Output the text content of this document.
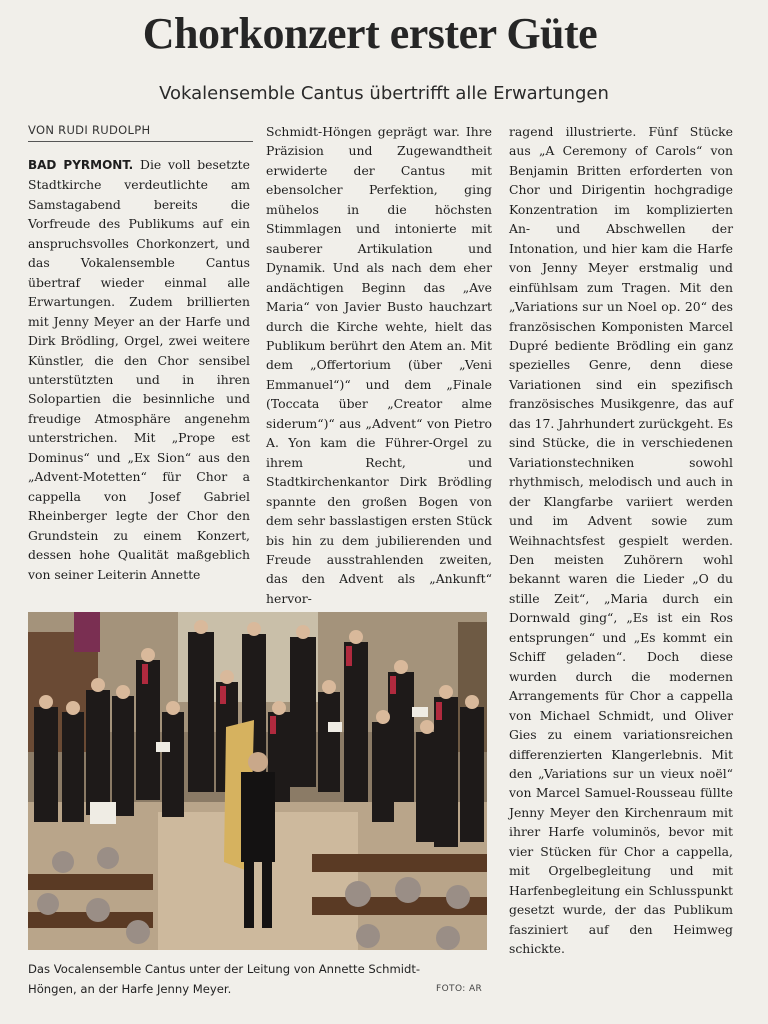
Chorkonzert erster Güte
Vokalensemble Cantus übertrifft alle Erwartungen
VON RUDI RUDOLPH

BAD PYRMONT. Die voll besetzte Stadtkirche verdeutlichte am Samstagabend bereits die Vorfreude des Publikums auf ein anspruchsvolles Chorkonzert, und das Vokalensemble Cantus übertraf wieder einmal alle Erwartungen. Zudem brillierten mit Jenny Meyer an der Harfe und Dirk Brödling, Orgel, zwei weitere Künstler, die den Chor sensibel unterstützten und in ihren Solopartien die besinnliche und freudige Atmosphäre angenehm unterstrichen. Mit „Prope est Dominus“ und „Ex Sion“ aus den „Advent-Motetten“ für Chor a cappella von Josef Gabriel Rheinberger legte der Chor den Grundstein zu einem Konzert, dessen hohe Qualität maßgeblich von seiner Leiterin Annette

Schmidt-Höngen geprägt war. Ihre Präzision und Zugewandtheit erwiderte der Cantus mit ebensolcher Perfektion, ging mühelos in die höchsten Stimmlagen und intonierte mit sauberer Artikulation und Dynamik. Und als nach dem eher andächtigen Beginn das „Ave Maria“ von Javier Busto hauchzart durch die Kirche wehte, hielt das Publikum berührt den Atem an. Mit dem „Offertorium (über „Veni Emmanuel“)“ und dem „Finale (Toccata über „Creator alme siderum“)“ aus „Advent“ von Pietro A. Yon kam die Führer-Orgel zu ihrem Recht, und Stadtkirchenkantor Dirk Brödling spannte den großen Bogen von dem sehr basslastigen ersten Stück bis hin zu dem jubilierenden und Freude ausstrahlenden zweiten, das den Advent als „Ankunft“ hervor-

ragend illustrierte. Fünf Stücke aus „A Ceremony of Carols“ von Benjamin Britten erforderten von Chor und Dirigentin hochgradige Konzentration im komplizierten An- und Abschwellen der Intonation, und hier kam die Harfe von Jenny Meyer erstmalig und einfühlsam zum Tragen. Mit den „Variations sur un Noel op. 20“ des französischen Komponisten Marcel Dupré bediente Brödling ein ganz spezielles Genre, denn diese Variationen sind ein spezifisch französisches Musikgenre, das auf das 17. Jahrhundert zurückgeht. Es sind Stücke, die in verschiedenen Variationstechniken sowohl rhythmisch, melodisch und auch in der Klangfarbe variiert werden und im Advent sowie zum Weihnachtsfest gespielt werden. Den meisten Zuhörern wohl bekannt waren die Lieder „O du stille Zeit“, „Maria durch ein Dornwald ging“, „Es ist ein Ros entsprungen“ und „Es kommt ein Schiff geladen“. Doch diese wurden durch die modernen Arrangements für Chor a cappella von Michael Schmidt, und Oliver Gies zu einem variationsreichen differenzierten Klangerlebnis. Mit den „Variations sur un vieux noël“ von Marcel Samuel-Rousseau füllte Jenny Meyer den Kirchenraum mit ihrer Harfe voluminös, bevor mit vier Stücken für Chor a cappella, mit Orgelbegleitung und mit Harfenbegleitung ein Schlusspunkt gesetzt wurde, der das Publikum fasziniert auf den Heimweg schickte.

Das Vocalensemble Cantus unter der Leitung von Annette Schmidt-Höngen, an der Harfe Jenny Meyer.	FOTO: AR
